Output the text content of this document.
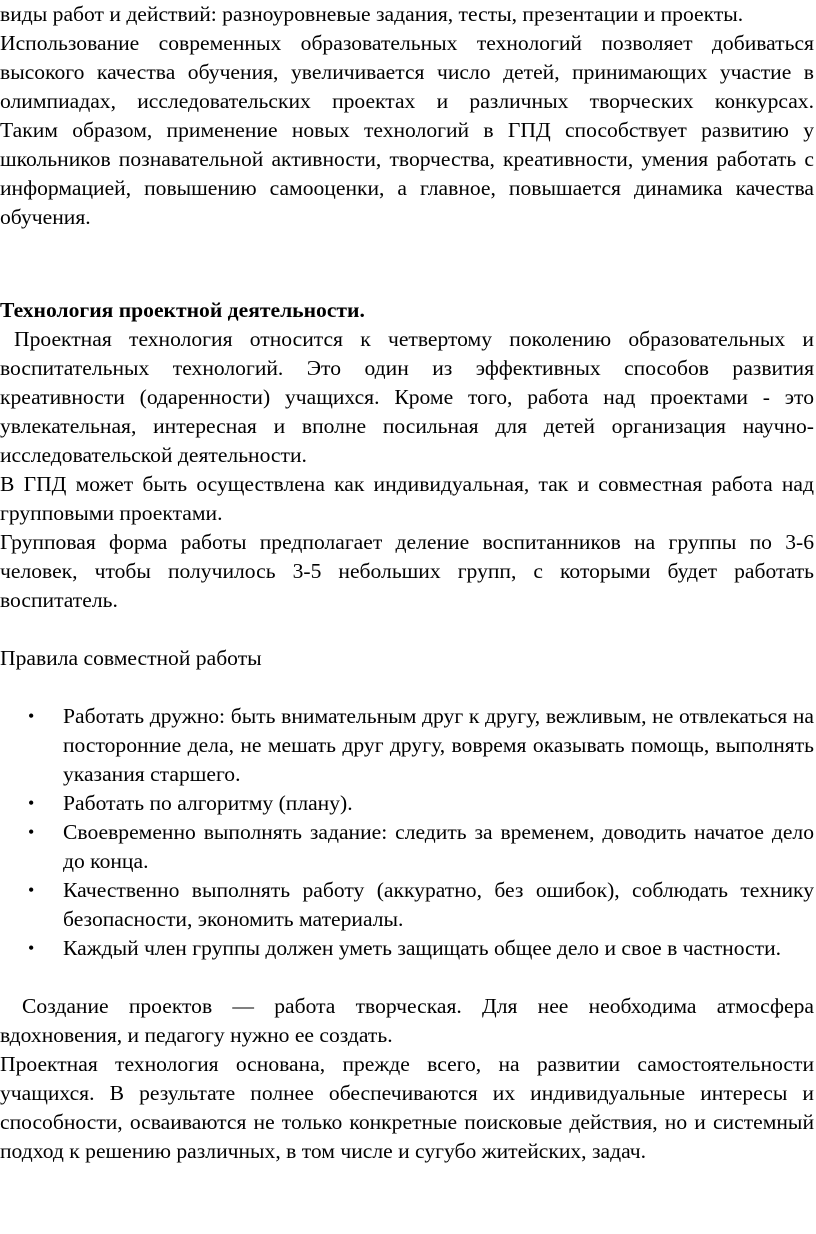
виды работ и действий: разноуровневые задания, тесты, презентации и проекты.

Использование современных образовательных технологий позволяет добиваться высокого качества обучения, увеличивается число детей, принимающих участие в олимпиадах, исследовательских проектах и различных творческих конкурсах.

Таким образом, применение новых технологий в ГПД способствует развитию у школьников познавательной активности, творчества, креативности, умения работать с информацией, повышению самооценки, а главное, повышается динамика качества обучения.

Технология проектной деятельности.

Проектная технология относится к четвертому поколению образовательных и воспитательных технологий. Это один из эффективных способов развития креативности (одаренности) учащихся. Кроме того, работа над проектами - это увлекательная, интересная и вполне посильная для детей организация научно-исследовательской деятельности.

В ГПД может быть осуществлена как индивидуальная, так и совместная работа над групповыми проектами.

Групповая форма работы предполагает деление воспитанников на группы по 3-6 человек, чтобы получилось 3-5 небольших групп, с которыми будет работать воспитатель.

Правила совместной работы

• Работать дружно: быть внимательным друг к другу, вежливым, не отвлекаться на посторонние дела, не мешать друг другу, вовремя оказывать помощь, выполнять указания старшего.
• Работать по алгоритму (плану).
• Своевременно выполнять задание: следить за временем, доводить начатое дело до конца.
• Качественно выполнять работу (аккуратно, без ошибок), соблюдать технику безопасности, экономить материалы.
• Каждый член группы должен уметь защищать общее дело и свое в частности.

Создание проектов — работа творческая. Для нее необходима атмосфера вдохновения, и педагогу нужно ее создать.

Проектная технология основана, прежде всего, на развитии самостоятельности учащихся. В результате полнее обеспечиваются их индивидуальные интересы и способности, осваиваются не только конкретные поисковые действия, но и системный подход к решению различных, в том числе и сугубо житейских, задач.
